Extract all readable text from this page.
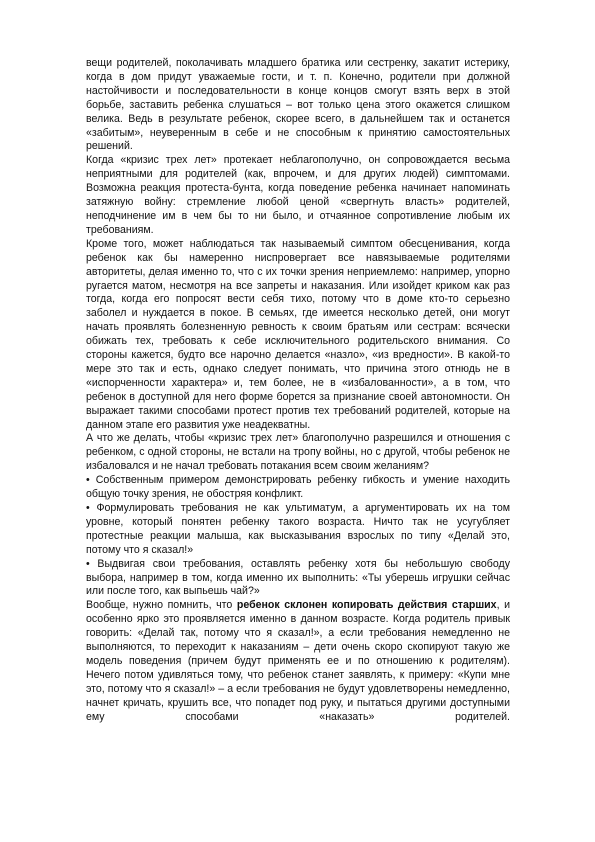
вещи родителей, поколачивать младшего братика или сестренку, закатит истерику, когда в дом придут уважаемые гости, и т. п. Конечно, родители при должной настойчивости и последовательности в конце концов смогут взять верх в этой борьбе, заставить ребенка слушаться – вот только цена этого окажется слишком велика. Ведь в результате ребенок, скорее всего, в дальнейшем так и останется «забитым», неуверенным в себе и не способным к принятию самостоятельных решений.

Когда «кризис трех лет» протекает неблагополучно, он сопровождается весьма неприятными для родителей (как, впрочем, и для других людей) симптомами. Возможна реакция протеста-бунта, когда поведение ребенка начинает напоминать затяжную войну: стремление любой ценой «свергнуть власть» родителей, неподчинение им в чем бы то ни было, и отчаянное сопротивление любым их требованиям.

Кроме того, может наблюдаться так называемый симптом обесценивания, когда ребенок как бы намеренно ниспровергает все навязываемые родителями авторитеты, делая именно то, что с их точки зрения неприемлемо: например, упорно ругается матом, несмотря на все запреты и наказания. Или изойдет криком как раз тогда, когда его попросят вести себя тихо, потому что в доме кто-то серьезно заболел и нуждается в покое. В семьях, где имеется несколько детей, они могут начать проявлять болезненную ревность к своим братьям или сестрам: всячески обижать тех, требовать к себе исключительного родительского внимания. Со стороны кажется, будто все нарочно делается «назло», «из вредности». В какой-то мере это так и есть, однако следует понимать, что причина этого отнюдь не в «испорченности характера» и, тем более, не в «избалованности», а в том, что ребенок в доступной для него форме борется за признание своей автономности. Он выражает такими способами протест против тех требований родителей, которые на данном этапе его развития уже неадекватны.

А что же делать, чтобы «кризис трех лет» благополучно разрешился и отношения с ребенком, с одной стороны, не встали на тропу войны, но с другой, чтобы ребенок не избаловался и не начал требовать потакания всем своим желаниям?

• Собственным примером демонстрировать ребенку гибкость и умение находить общую точку зрения, не обостряя конфликт.

• Формулировать требования не как ультиматум, а аргументировать их на том уровне, который понятен ребенку такого возраста. Ничто так не усугубляет протестные реакции малыша, как высказывания взрослых по типу «Делай это, потому что я сказал!»

• Выдвигая свои требования, оставлять ребенку хотя бы небольшую свободу выбора, например в том, когда именно их выполнить: «Ты уберешь игрушки сейчас или после того, как выпьешь чай?»

Вообще, нужно помнить, что ребенок склонен копировать действия старших, и особенно ярко это проявляется именно в данном возрасте. Когда родитель привык говорить: «Делай так, потому что я сказал!», а если требования немедленно не выполняются, то переходит к наказаниям – дети очень скоро скопируют такую же модель поведения (причем будут применять ее и по отношению к родителям). Нечего потом удивляться тому, что ребенок станет заявлять, к примеру: «Купи мне это, потому что я сказал!» – а если требования не будут удовлетворены немедленно, начнет кричать, крушить все, что попадет под руку, и пытаться другими доступными ему способами «наказать» родителей.
